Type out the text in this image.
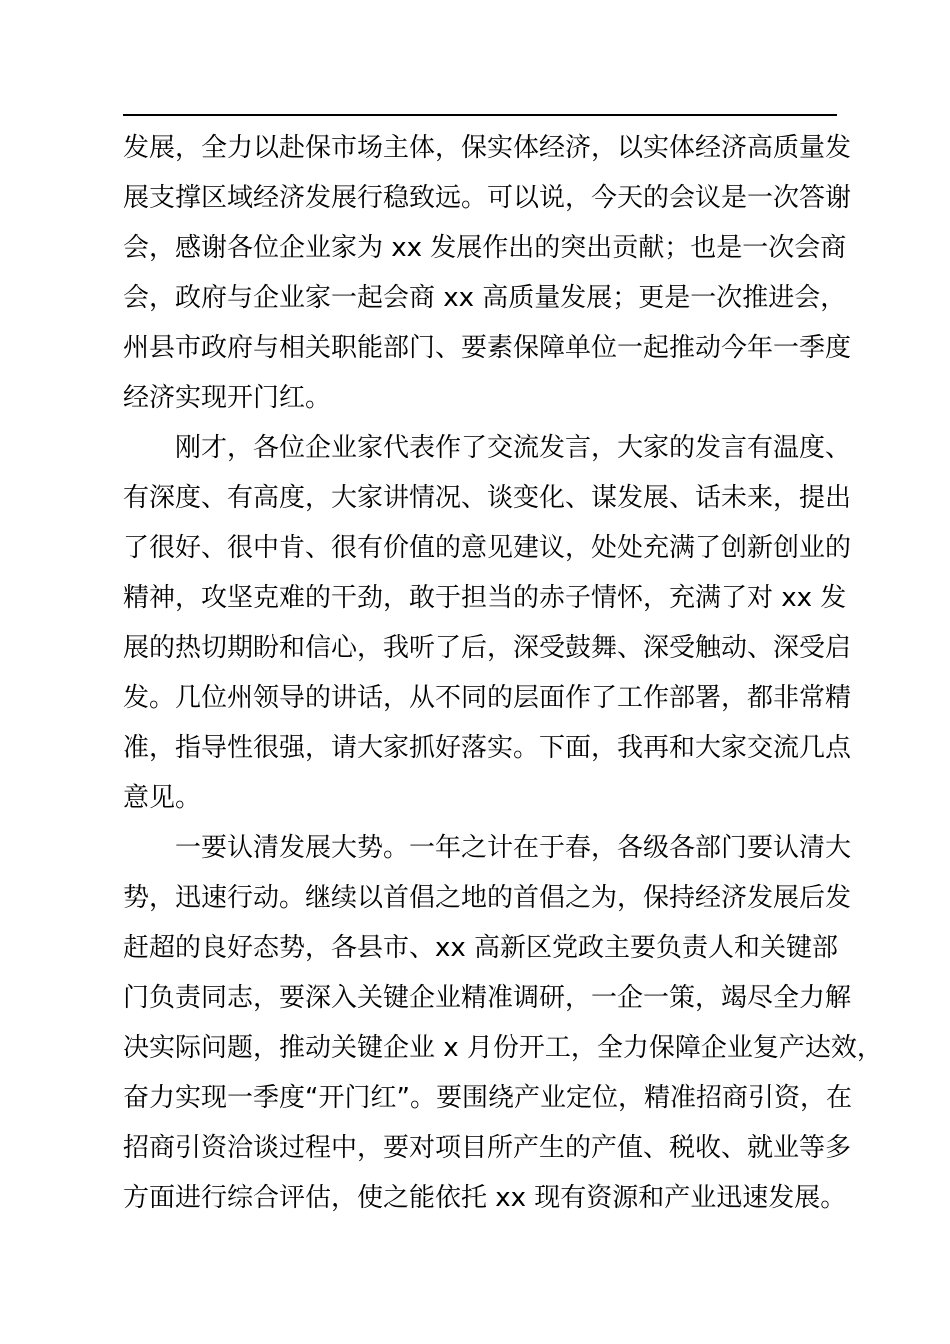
发展，全力以赴保市场主体，保实体经济，以实体经济高质量发
展支撑区域经济发展行稳致远。可以说，今天的会议是一次答谢
会，感谢各位企业家为 xx 发展作出的突出贡献；也是一次会商
会，政府与企业家一起会商 xx 高质量发展；更是一次推进会，
州县市政府与相关职能部门、要素保障单位一起推动今年一季度
经济实现开门红。
刚才，各位企业家代表作了交流发言，大家的发言有温度、
有深度、有高度，大家讲情况、谈变化、谋发展、话未来，提出
了很好、很中肯、很有价值的意见建议，处处充满了创新创业的
精神，攻坚克难的干劲，敢于担当的赤子情怀，充满了对 xx 发
展的热切期盼和信心，我听了后，深受鼓舞、深受触动、深受启
发。几位州领导的讲话，从不同的层面作了工作部署，都非常精
准，指导性很强，请大家抓好落实。下面，我再和大家交流几点
意见。
一要认清发展大势。一年之计在于春，各级各部门要认清大
势，迅速行动。继续以首倡之地的首倡之为，保持经济发展后发
赶超的良好态势，各县市、xx 高新区党政主要负责人和关键部
门负责同志，要深入关键企业精准调研，一企一策，竭尽全力解
决实际问题，推动关键企业 x 月份开工，全力保障企业复产达效，
奋力实现一季度“开门红”。要围绕产业定位，精准招商引资，在
招商引资洽谈过程中，要对项目所产生的产值、税收、就业等多
方面进行综合评估，使之能依托 xx 现有资源和产业迅速发展。
